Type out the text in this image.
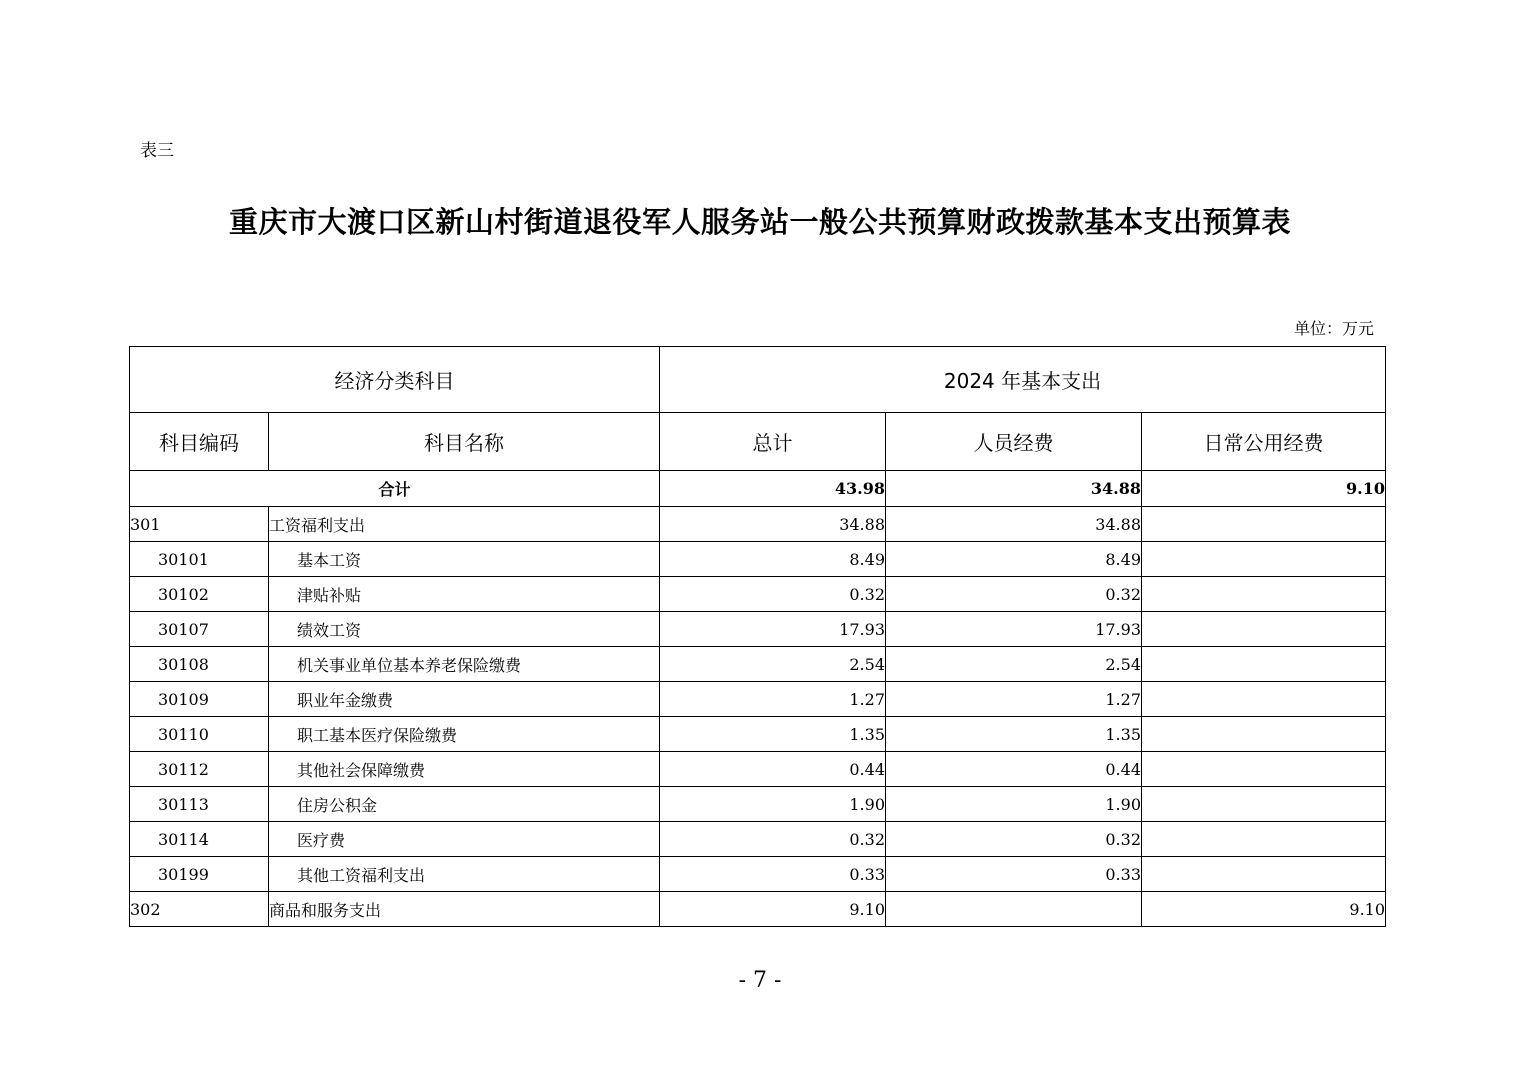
表三
重庆市大渡口区新山村街道退役军人服务站一般公共预算财政拨款基本支出预算表
单位：万元
经济分类科目		2024 年基本支出		
科目编码	科目名称	总计	人员经费	日常公用经费
合计		43.98	34.88	9.10
301	工资福利支出	34.88	34.88	
30101	基本工资	8.49	8.49	
30102	津贴补贴	0.32	0.32	
30107	绩效工资	17.93	17.93	
30108	机关事业单位基本养老保险缴费	2.54	2.54	
30109	职业年金缴费	1.27	1.27	
30110	职工基本医疗保险缴费	1.35	1.35	
30112	其他社会保障缴费	0.44	0.44	
30113	住房公积金	1.90	1.90	
30114	医疗费	0.32	0.32	
30199	其他工资福利支出	0.33	0.33	
302	商品和服务支出	9.10		9.10
- 7 -
